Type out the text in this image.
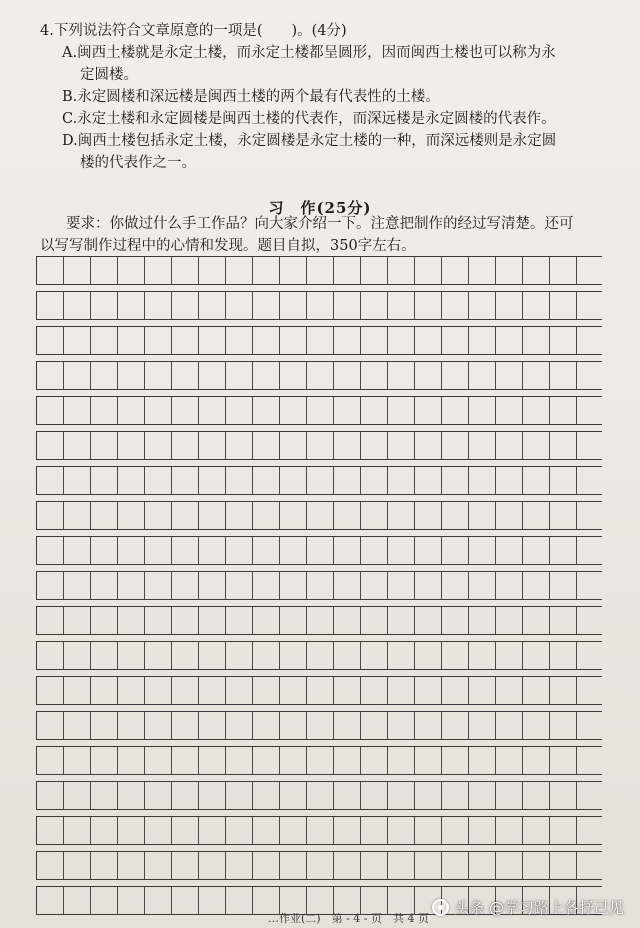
4.下列说法符合文章原意的一项是(　　)。(4分)
A.闽西土楼就是永定土楼，而永定土楼都呈圆形，因而闽西土楼也可以称为永
定圆楼。
B.永定圆楼和深远楼是闽西土楼的两个最有代表性的土楼。
C.永定土楼和永定圆楼是闽西土楼的代表作，而深远楼是永定圆楼的代表作。
D.闽西土楼包括永定土楼，永定圆楼是永定土楼的一种，而深远楼则是永定圆
楼的代表作之一。
习　作(25分)
要求：你做过什么手工作品？向大家介绍一下。注意把制作的经过写清楚。还可
以写写制作过程中的心情和发现。题目自拟，350字左右。
…作业(二)　第 - 4 - 页　共 4 页
头条 @学习路上各抒己见
